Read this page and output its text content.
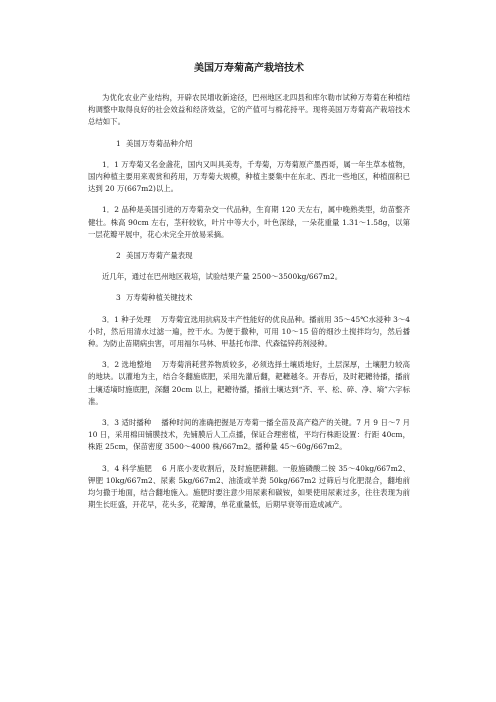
美国万寿菊高产栽培技术

为优化农业产业结构，开辟农民增收新途径，巴州地区北四县和库尔勒市试种万寿菊在种植结构调整中取得良好的社会效益和经济效益，它的产值可与棉花持平。现将美国万寿菊高产栽培技术总结如下。

1 美国万寿菊品种介绍

1．1 万寿菊又名金盏花，国内又叫具美寿，千寿菊，万寿菊原产墨西哥，属一年生草本植物，国内种植主要用来观赏和药用，万寿菊大规模，种植主要集中在东北、西北一些地区，种植面积已达到 20 万(667m2)以上。

1．2 品种是美国引进的万寿菊杂交一代品种，生育期 120 天左右，属中晚熟类型，幼苗整齐健壮。株高 90cm 左右，茎秆较软，叶片中等大小，叶色深绿，一朵花重量 1.31～1.58g，以第一层花瓣平展中，花心未完全开放易采摘。

2 美国万寿菊产量表现

近几年，通过在巴州地区栽培，试验结果产量 2500～3500kg/667m2。

3 万寿菊种植关键技术

3．1 种子处理 万寿菊宜选用抗病及丰产性能好的优良品种。播前用 35～45℃水浸种 3～4 小时，然后用清水过滤一遍，控干水。为便于撒种，可用 10～15 倍的细沙土搅拌均匀，然后播种。为防止苗期病虫害，可用福尔马林、甲基托布津、代森锰锌药剂浸种。

3．2 选地整地 万寿菊消耗营养物质较多，必须选择土壤质地好，土层深厚，土壤肥力较高的地块。以灌地为主，结合冬翻施底肥，采用先灌后翻，耙耱越冬。开春后，及时耙耱待播，播前土壤适墒时施底肥，深翻 20cm 以上，耙耱待播，播前土壤达到“齐、平、松、碎、净、墒”六字标准。

3．3 适时播种 播种时间的准确把握是万寿菊一播全苗及高产稳产的关键。7 月 9 日～7 月 10 日，采用棉田铺膜技术，先铺膜后人工点播，保证合理密植，平均行株距设置：行距 40cm，株距 25cm，保苗密度 3500～4000 株/667m2。播种量 45～60g/667m2。

3．4 科学施肥 6 月底小麦收割后，及时施肥耕翻。一般施磷酸二铵 35～40kg/667m2、钾肥 10kg/667m2、尿素 5kg/667m2、油渣或羊粪 50kg/667m2 过筛后与化肥混合，翻地前均匀撒于地面，结合翻地施入。施肥时要注意少用尿素和碳铵，如果使用尿素过多，往往表现为前期生长旺盛，开花早，花头多，花瓣薄，单花重量低，后期早衰等而造成减产。
